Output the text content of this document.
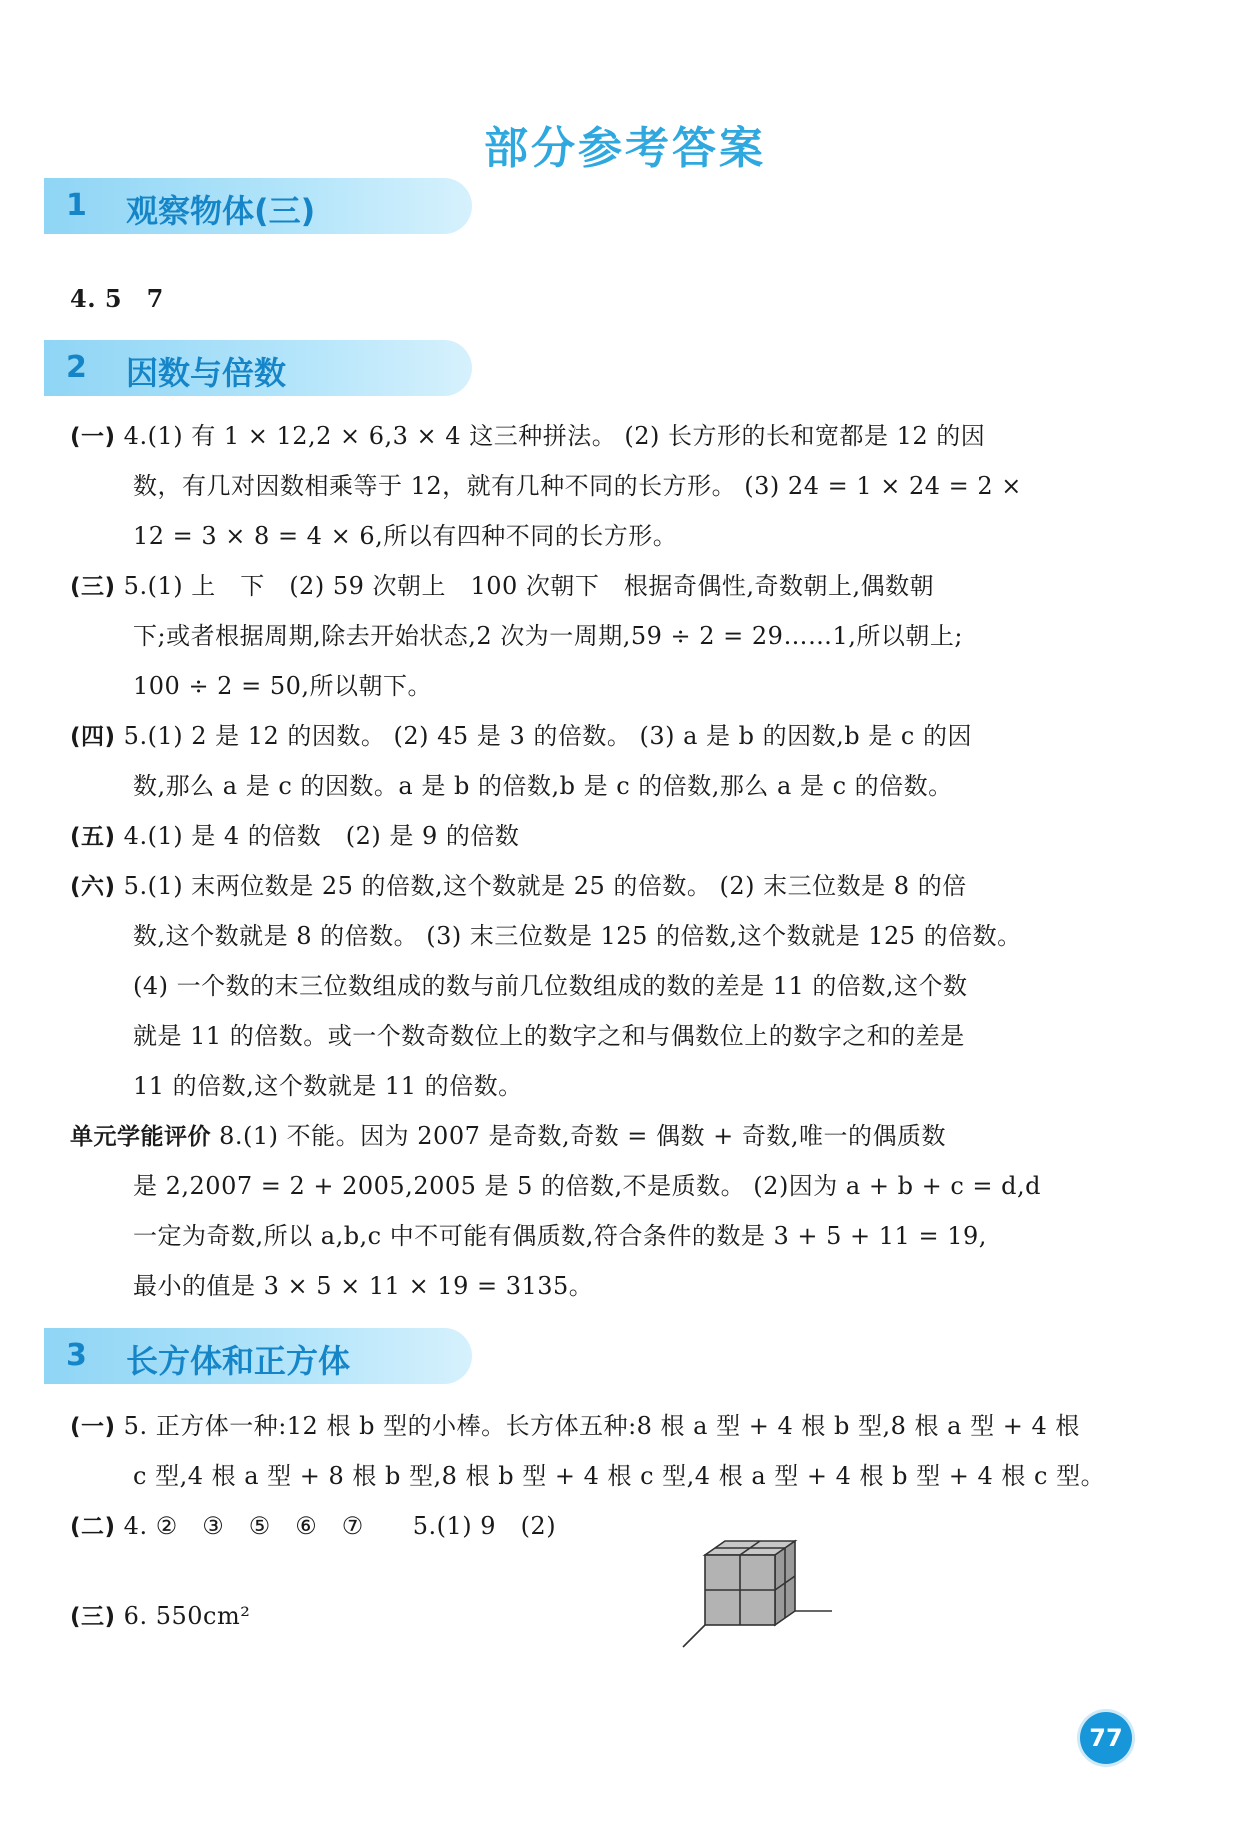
部分参考答案
1 观察物体(三)
4. 5　7
2 因数与倍数
(一) 4.(1) 有 1 × 12,2 × 6,3 × 4 这三种拼法。 (2) 长方形的长和宽都是 12 的因
数，有几对因数相乘等于 12，就有几种不同的长方形。 (3) 24 = 1 × 24 = 2 ×
12 = 3 × 8 = 4 × 6,所以有四种不同的长方形。
(三) 5.(1) 上　下　(2) 59 次朝上　100 次朝下　根据奇偶性,奇数朝上,偶数朝
下;或者根据周期,除去开始状态,2 次为一周期,59 ÷ 2 = 29……1,所以朝上;
100 ÷ 2 = 50,所以朝下。
(四) 5.(1) 2 是 12 的因数。 (2) 45 是 3 的倍数。 (3) a 是 b 的因数,b 是 c 的因
数,那么 a 是 c 的因数。a 是 b 的倍数,b 是 c 的倍数,那么 a 是 c 的倍数。
(五) 4.(1) 是 4 的倍数　(2) 是 9 的倍数
(六) 5.(1) 末两位数是 25 的倍数,这个数就是 25 的倍数。 (2) 末三位数是 8 的倍
数,这个数就是 8 的倍数。 (3) 末三位数是 125 的倍数,这个数就是 125 的倍数。
(4) 一个数的末三位数组成的数与前几位数组成的数的差是 11 的倍数,这个数
就是 11 的倍数。或一个数奇数位上的数字之和与偶数位上的数字之和的差是
11 的倍数,这个数就是 11 的倍数。
单元学能评价 8.(1) 不能。因为 2007 是奇数,奇数 = 偶数 + 奇数,唯一的偶质数
是 2,2007 = 2 + 2005,2005 是 5 的倍数,不是质数。 (2)因为 a + b + c = d,d
一定为奇数,所以 a,b,c 中不可能有偶质数,符合条件的数是 3 + 5 + 11 = 19,
最小的值是 3 × 5 × 11 × 19 = 3135。
3 长方体和正方体
(一) 5. 正方体一种:12 根 b 型的小棒。长方体五种:8 根 a 型 + 4 根 b 型,8 根 a 型 + 4 根
c 型,4 根 a 型 + 8 根 b 型,8 根 b 型 + 4 根 c 型,4 根 a 型 + 4 根 b 型 + 4 根 c 型。
(二) 4. ②　③　⑤　⑥　⑦　　5.(1) 9　(2)
(三) 6. 550cm²
77
